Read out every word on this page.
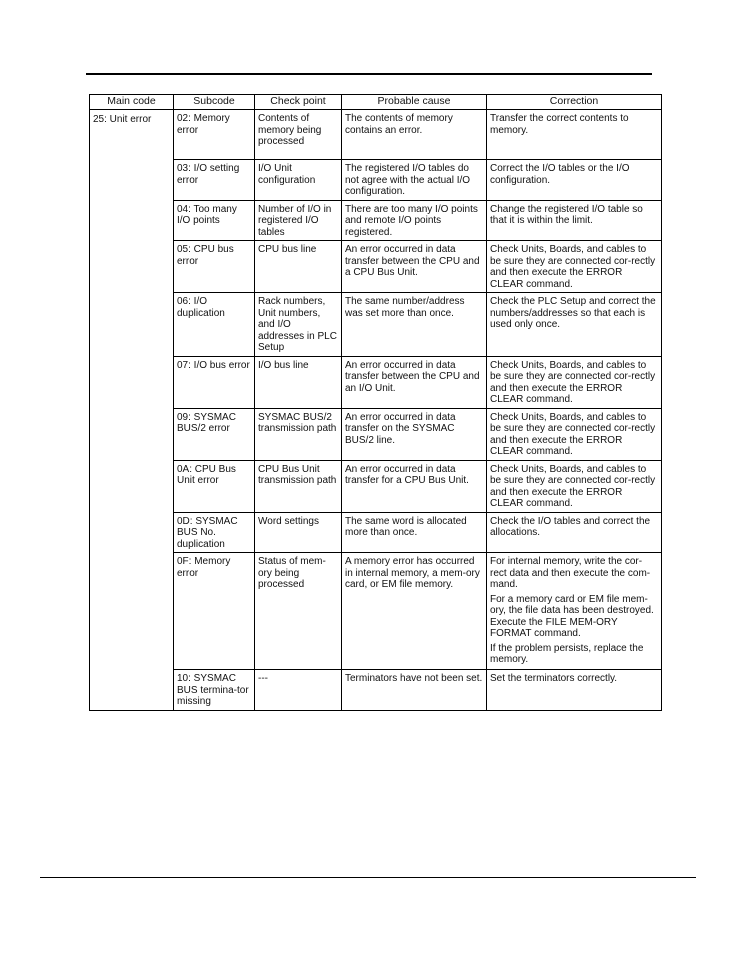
Main code	Subcode	Check point	Probable cause	Correction
25: Unit error	02: Memory error	Contents of memory being processed	The contents of memory contains an error.	Transfer the correct contents to memory.

	03: I/O setting error	I/O Unit configuration	The registered I/O tables do not agree with the actual I/O configuration.	Correct the I/O tables or the I/O configuration.

	04: Too many I/O points	Number of I/O in registered I/O tables	There are too many I/O points and remote I/O points registered.	Change the registered I/O table so that it is within the limit.

	05: CPU bus error	CPU bus line	An error occurred in data transfer between the CPU and a CPU Bus Unit.	Check Units, Boards, and cables to be sure they are connected cor-rectly and then execute the ERROR CLEAR command.

	06: I/O duplication	Rack numbers, Unit numbers, and I/O addresses in PLC Setup	The same number/address was set more than once.	Check the PLC Setup and correct the numbers/addresses so that each is used only once.

	07: I/O bus error	I/O bus line	An error occurred in data transfer between the CPU and an I/O Unit.	Check Units, Boards, and cables to be sure they are connected cor-rectly and then execute the ERROR CLEAR command.

	09: SYSMAC BUS/2 error	SYSMAC BUS/2 transmission path	An error occurred in data transfer on the SYSMAC BUS/2 line.	Check Units, Boards, and cables to be sure they are connected cor-rectly and then execute the ERROR CLEAR command.

	0A: CPU Bus Unit error	CPU Bus Unit transmission path	An error occurred in data transfer for a CPU Bus Unit.	Check Units, Boards, and cables to be sure they are connected cor-rectly and then execute the ERROR CLEAR command.

	0D: SYSMAC BUS No. duplication	Word settings	The same word is allocated more than once.	Check the I/O tables and correct the allocations.

	0F: Memory error	Status of mem-ory being processed	A memory error has occurred in internal memory, a mem-ory card, or EM file memory.	For internal memory, write the cor-rect data and then execute the com-mand.
For a memory card or EM file mem-ory, the file data has been destroyed. Execute the FILE MEM-ORY FORMAT command.
If the problem persists, replace the memory.

	10: SYSMAC BUS termina-tor missing	---	Terminators have not been set.	Set the terminators correctly.
